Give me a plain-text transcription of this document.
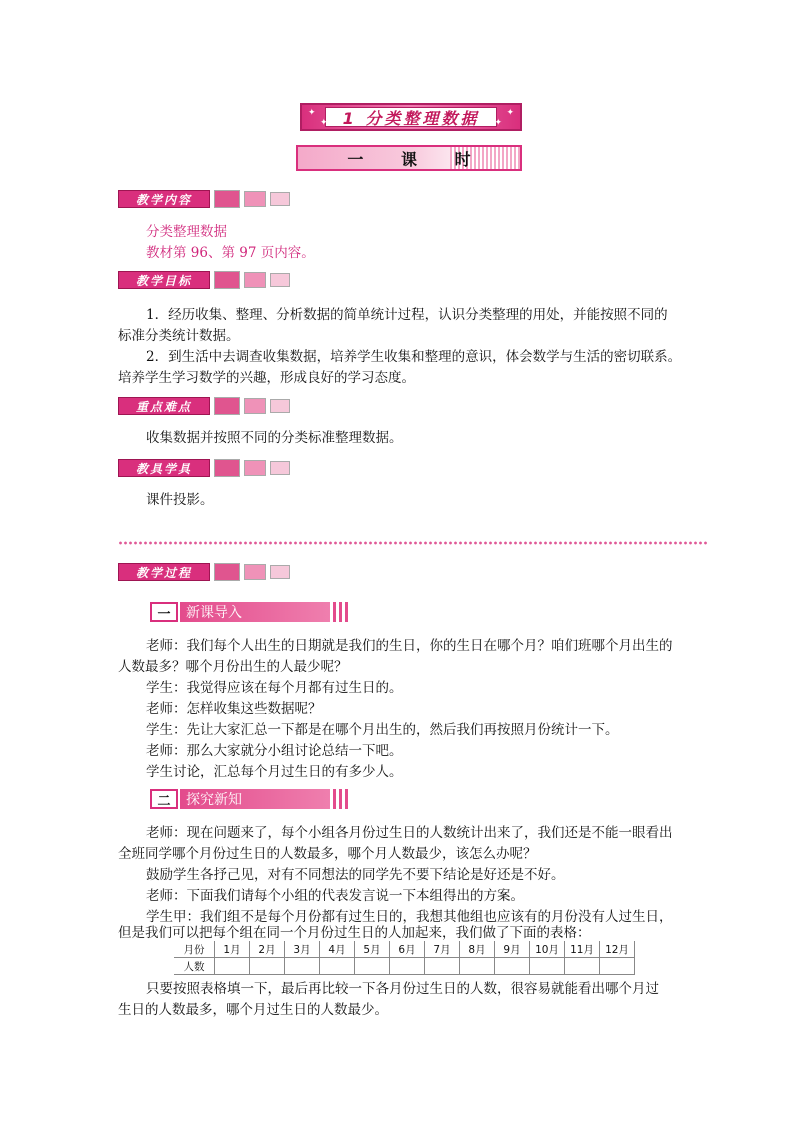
✦
✦
✦
✦
1 分类整理数据
一 课 时
教学内容
分类整理数据
教材第 96、第 97 页内容。
教学目标
1．经历收集、整理、分析数据的简单统计过程，认识分类整理的用处，并能按照不同的
标准分类统计数据。
2．到生活中去调查收集数据，培养学生收集和整理的意识，体会数学与生活的密切联系。
培养学生学习数学的兴趣，形成良好的学习态度。
重点难点
收集数据并按照不同的分类标准整理数据。
教具学具
课件投影。
教学过程
一	新课导入
老师：我们每个人出生的日期就是我们的生日，你的生日在哪个月？咱们班哪个月出生的
人数最多？哪个月份出生的人最少呢？
学生：我觉得应该在每个月都有过生日的。
老师：怎样收集这些数据呢？
学生：先让大家汇总一下都是在哪个月出生的，然后我们再按照月份统计一下。
老师：那么大家就分小组讨论总结一下吧。
学生讨论，汇总每个月过生日的有多少人。
二	探究新知
老师：现在问题来了，每个小组各月份过生日的人数统计出来了，我们还是不能一眼看出
全班同学哪个月份过生日的人数最多，哪个月人数最少，该怎么办呢？
鼓励学生各抒己见，对有不同想法的同学先不要下结论是好还是不好。
老师：下面我们请每个小组的代表发言说一下本组得出的方案。
学生甲：我们组不是每个月份都有过生日的，我想其他组也应该有的月份没有人过生日，
但是我们可以把每个组在同一个月份过生日的人加起来，我们做了下面的表格：
月份	1月	2月	3月	4月	5月	6月	7月	8月	9月	10月	11月	12月
人数												
只要按照表格填一下，最后再比较一下各月份过生日的人数，很容易就能看出哪个月过
生日的人数最多，哪个月过生日的人数最少。
